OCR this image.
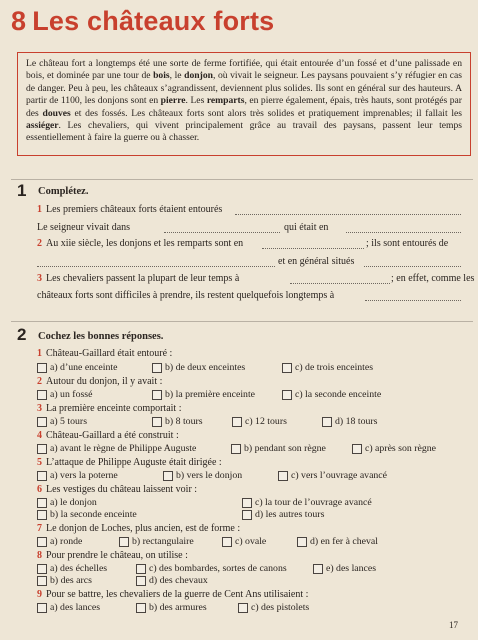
8 Les châteaux forts
Le château fort a longtemps été une sorte de ferme fortifiée, qui était entourée d’un fossé et d’une palissade en bois, et dominée par une tour de bois, le donjon, où vivait le seigneur. Les paysans pouvaient s’y réfugier en cas de danger. Peu à peu, les châteaux s’agrandissent, deviennent plus solides. Ils sont en général sur des hauteurs. A partir de 1100, les donjons sont en pierre. Les remparts, en pierre également, épais, très hauts, sont protégés par des douves et des fossés. Les châteaux forts sont alors très solides et pratiquement imprenables; il fallait les assiéger. Les chevaliers, qui vivent principalement grâce au travail des paysans, passent leur temps essentiellement à faire la guerre ou à chasser.
1 Complétez.
1 Les premiers châteaux forts étaient entourés
Le seigneur vivait dans	qui était en
2 Au xiie siècle, les donjons et les remparts sont en	; ils sont entourés de
et en général situés
3 Les chevaliers passent la plupart de leur temps à	; en effet, comme les
châteaux forts sont difficiles à prendre, ils restent quelquefois longtemps à
2 Cochez les bonnes réponses.
1 Château-Gaillard était entouré :
a) d’une enceinte	b) de deux enceintes	c) de trois enceintes
2 Autour du donjon, il y avait :
a) un fossé	b) la première enceinte	c) la seconde enceinte
3 La première enceinte comportait :
a) 5 tours	b) 8 tours	c) 12 tours	d) 18 tours
4 Château-Gaillard a été construit :
a) avant le règne de Philippe Auguste	b) pendant son règne	c) après son règne
5 L’attaque de Philippe Auguste était dirigée :
a) vers la poterne	b) vers le donjon	c) vers l’ouvrage avancé
6 Les vestiges du château laissent voir :
a) le donjon	c) la tour de l’ouvrage avancé
b) la seconde enceinte	d) les autres tours
7 Le donjon de Loches, plus ancien, est de forme :
a) ronde	b) rectangulaire	c) ovale	d) en fer à cheval
8 Pour prendre le château, on utilise :
a) des échelles	c) des bombardes, sortes de canons	e) des lances
b) des arcs	d) des chevaux
9 Pour se battre, les chevaliers de la guerre de Cent Ans utilisaient :
a) des lances	b) des armures	c) des pistolets
17
